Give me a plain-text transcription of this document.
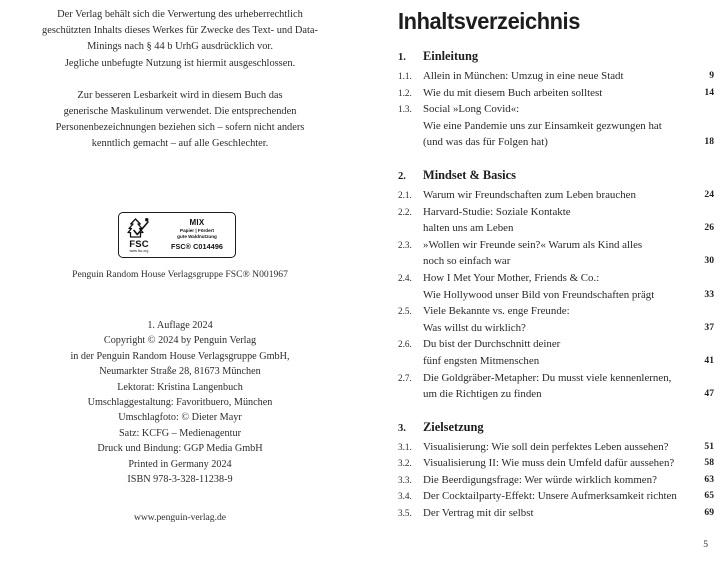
Der Verlag behält sich die Verwertung des urheberrechtlich

geschützten Inhalts dieses Werkes für Zwecke des Text- und Data-

Minings nach § 44 b UrhG ausdrücklich vor.

Jegliche unbefugte Nutzung ist hiermit ausgeschlossen.

Zur besseren Lesbarkeit wird in diesem Buch das

generische Maskulinum verwendet. Die entsprechenden

Personenbezeichnungen beziehen sich – sofern nicht anders

kenntlich gemacht – auf alle Geschlechter.

FSC
www.fsc.org
MIX
Papier | Fördert
gute Waldnutzung
FSC® C014496
Penguin Random House Verlagsgruppe FSC® N001967

1. Auflage 2024

Copyright © 2024 by Penguin Verlag

in der Penguin Random House Verlagsgruppe GmbH,

Neumarkter Straße 28, 81673 München

Lektorat: Kristina Langenbuch

Umschlaggestaltung: Favoritbuero, München

Umschlagfoto: © Dieter Mayr

Satz: KCFG – Medienagentur

Druck und Bindung: GGP Media GmbH

Printed in Germany 2024

ISBN 978-3-328-11238-9

www.penguin-verlag.de
Inhaltsverzeichnis
1.	Einleitung
1.1.	Allein in München: Umzug in eine neue Stadt	9
1.2.	Wie du mit diesem Buch arbeiten solltest	14
1.3.	Social »Long Covid«:
Wie eine Pandemie uns zur Einsamkeit gezwungen hat
(und was das für Folgen hat)	18
2.	Mindset & Basics
2.1.	Warum wir Freundschaften zum Leben brauchen	24
2.2.	Harvard-Studie: Soziale Kontakte
halten uns am Leben	26
2.3.	»Wollen wir Freunde sein?« Warum als Kind alles
noch so einfach war	30
2.4.	How I Met Your Mother, Friends & Co.:
Wie Hollywood unser Bild von Freundschaften prägt	33
2.5.	Viele Bekannte vs. enge Freunde:
Was willst du wirklich?	37
2.6.	Du bist der Durchschnitt deiner
fünf engsten Mitmenschen	41
2.7.	Die Goldgräber-Metapher: Du musst viele kennenlernen,
um die Richtigen zu finden	47
3.	Zielsetzung
3.1.	Visualisierung: Wie soll dein perfektes Leben aussehen?	51
3.2.	Visualisierung II: Wie muss dein Umfeld dafür aussehen?	58
3.3.	Die Beerdigungsfrage: Wer würde wirklich kommen?	63
3.4.	Der Cocktailparty-Effekt: Unsere Aufmerksamkeit richten	65
3.5.	Der Vertrag mit dir selbst	69
5
